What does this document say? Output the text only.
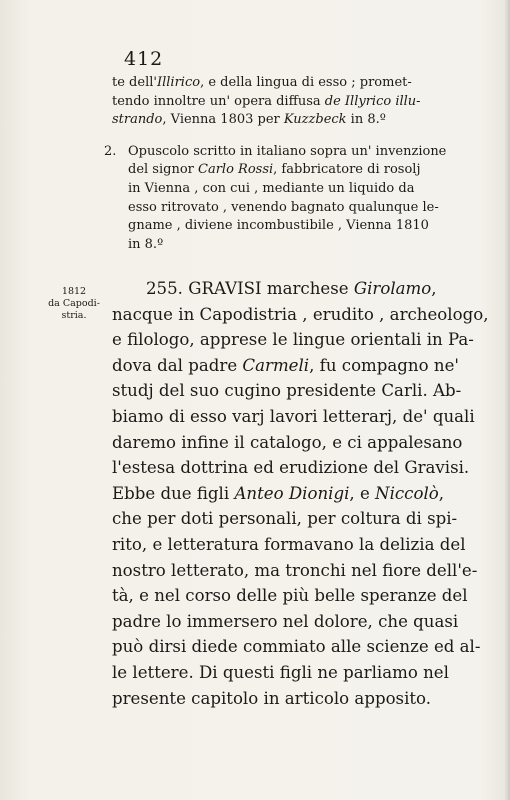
412
te dell'Illirico, e della lingua di esso ; promet-
tendo innoltre un' opera diffusa de Illyrico illu-
strando, Vienna 1803 per Kuzzbeck in 8.º
2. Opuscolo scritto in italiano sopra un' invenzione
del signor Carlo Rossi, fabbricatore di rosolj
in Vienna , con cui , mediante un liquido da
esso ritrovato , venendo bagnato qualunque le-
gname , diviene incombustibile , Vienna 1810
in 8.º
1812
da Capodi-
stria.
255. GRAVISI marchese Girolamo,
nacque in Capodistria , erudito , archeologo,
e filologo, apprese le lingue orientali in Pa-
dova dal padre Carmeli, fu compagno ne'
studj del suo cugino presidente Carli. Ab-
biamo di esso varj lavori letterarj, de' quali
daremo infine il catalogo, e ci appalesano
l'estesa dottrina ed erudizione del Gravisi.
Ebbe due figli Anteo Dionigi, e Niccolò,
che per doti personali, per coltura di spi-
rito, e letteratura formavano la delizia del
nostro letterato, ma tronchi nel fiore dell'e-
tà, e nel corso delle più belle speranze del
padre lo immersero nel dolore, che quasi
può dirsi diede commiato alle scienze ed al-
le lettere. Di questi figli ne parliamo nel
presente capitolo in articolo apposito.
